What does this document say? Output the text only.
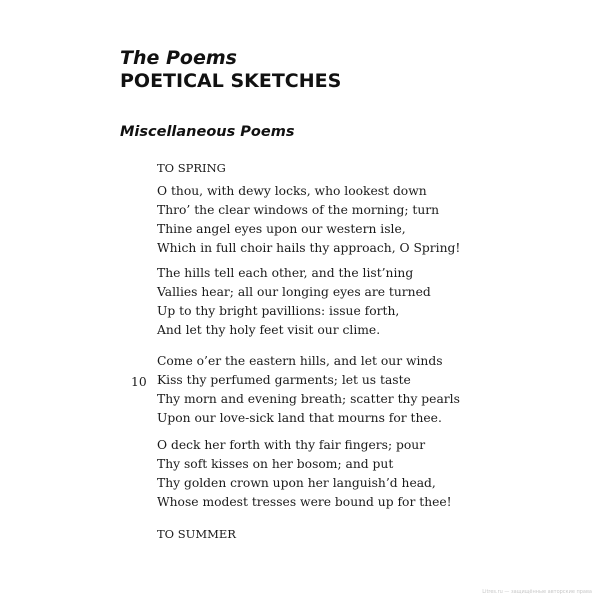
The Poems
POETICAL SKETCHES
Miscellaneous Poems
TO SPRING
O thou, with dewy locks, who lookest down
Thro’ the clear windows of the morning; turn
Thine angel eyes upon our western isle,
Which in full choir hails thy approach, O Spring!
The hills tell each other, and the list’ning
Vallies hear; all our longing eyes are turned
Up to thy bright pavillions: issue forth,
And let thy holy feet visit our clime.
Come o’er the eastern hills, and let our winds
Kiss thy perfumed garments; let us taste
Thy morn and evening breath; scatter thy pearls
Upon our love-sick land that mourns for thee.
10
O deck her forth with thy fair fingers; pour
Thy soft kisses on her bosom; and put
Thy golden crown upon her languish’d head,
Whose modest tresses were bound up for thee!
TO SUMMER
Litres.ru — защищённые авторские права
